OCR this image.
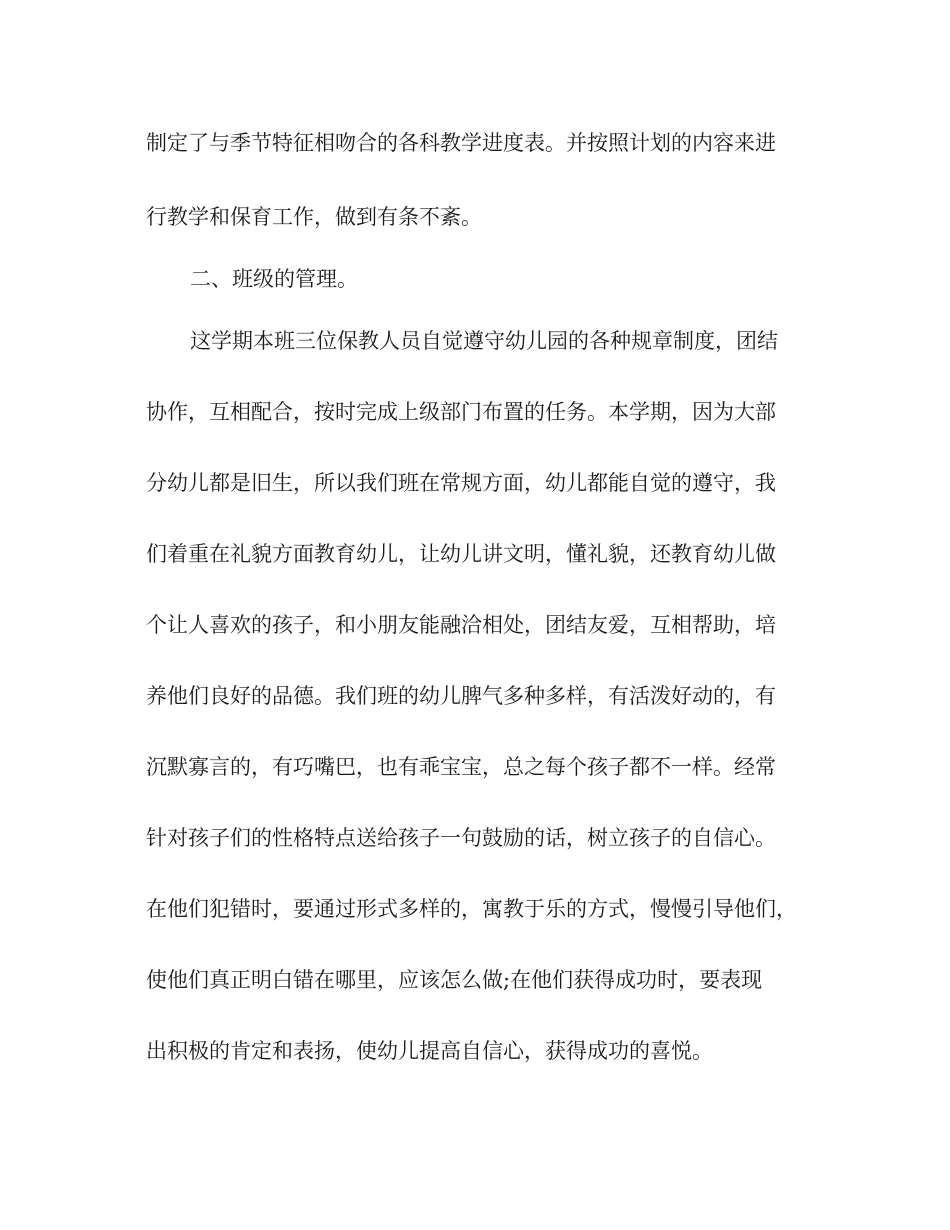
制定了与季节特征相吻合的各科教学进度表。并按照计划的内容来进
行教学和保育工作，做到有条不紊。
二、班级的管理。
这学期本班三位保教人员自觉遵守幼儿园的各种规章制度，团结
协作，互相配合，按时完成上级部门布置的任务。本学期，因为大部
分幼儿都是旧生，所以我们班在常规方面，幼儿都能自觉的遵守，我
们着重在礼貌方面教育幼儿，让幼儿讲文明，懂礼貌，还教育幼儿做
个让人喜欢的孩子，和小朋友能融洽相处，团结友爱，互相帮助，培
养他们良好的品德。我们班的幼儿脾气多种多样，有活泼好动的，有
沉默寡言的，有巧嘴巴，也有乖宝宝，总之每个孩子都不一样。经常
针对孩子们的性格特点送给孩子一句鼓励的话，树立孩子的自信心。
在他们犯错时，要通过形式多样的，寓教于乐的方式，慢慢引导他们，
使他们真正明白错在哪里，应该怎么做;在他们获得成功时，要表现
出积极的肯定和表扬，使幼儿提高自信心，获得成功的喜悦。
